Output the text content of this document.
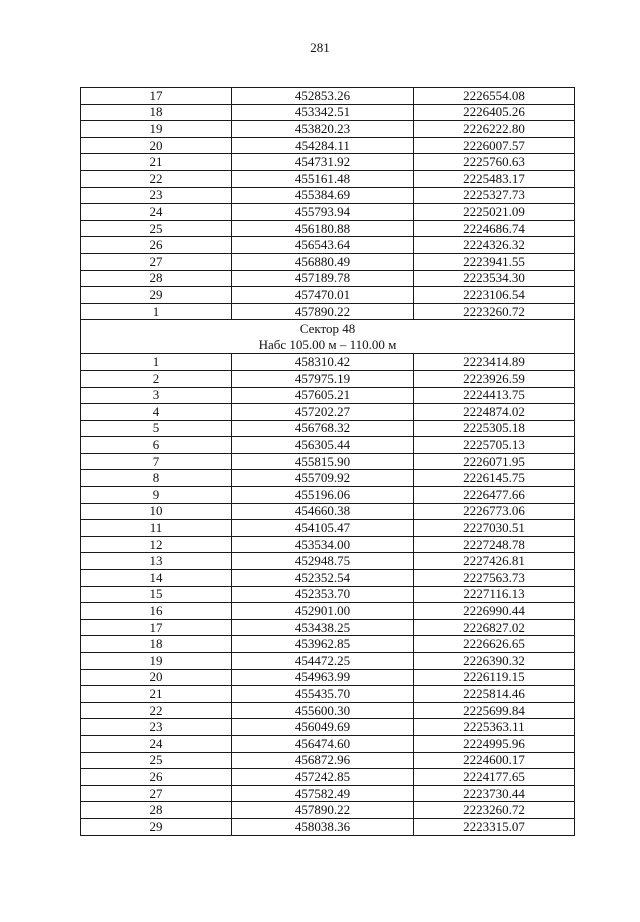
281
17	452853.26	2226554.08
18	453342.51	2226405.26
19	453820.23	2226222.80
20	454284.11	2226007.57
21	454731.92	2225760.63
22	455161.48	2225483.17
23	455384.69	2225327.73
24	455793.94	2225021.09
25	456180.88	2224686.74
26	456543.64	2224326.32
27	456880.49	2223941.55
28	457189.78	2223534.30
29	457470.01	2223106.54
1	457890.22	2223260.72

Сектор 48
Набс 105.00 м – 110.00 м		

1	458310.42	2223414.89
2	457975.19	2223926.59
3	457605.21	2224413.75
4	457202.27	2224874.02
5	456768.32	2225305.18
6	456305.44	2225705.13
7	455815.90	2226071.95
8	455709.92	2226145.75
9	455196.06	2226477.66
10	454660.38	2226773.06
11	454105.47	2227030.51
12	453534.00	2227248.78
13	452948.75	2227426.81
14	452352.54	2227563.73
15	452353.70	2227116.13
16	452901.00	2226990.44
17	453438.25	2226827.02
18	453962.85	2226626.65
19	454472.25	2226390.32
20	454963.99	2226119.15
21	455435.70	2225814.46
22	455600.30	2225699.84
23	456049.69	2225363.11
24	456474.60	2224995.96
25	456872.96	2224600.17
26	457242.85	2224177.65
27	457582.49	2223730.44
28	457890.22	2223260.72
29	458038.36	2223315.07
